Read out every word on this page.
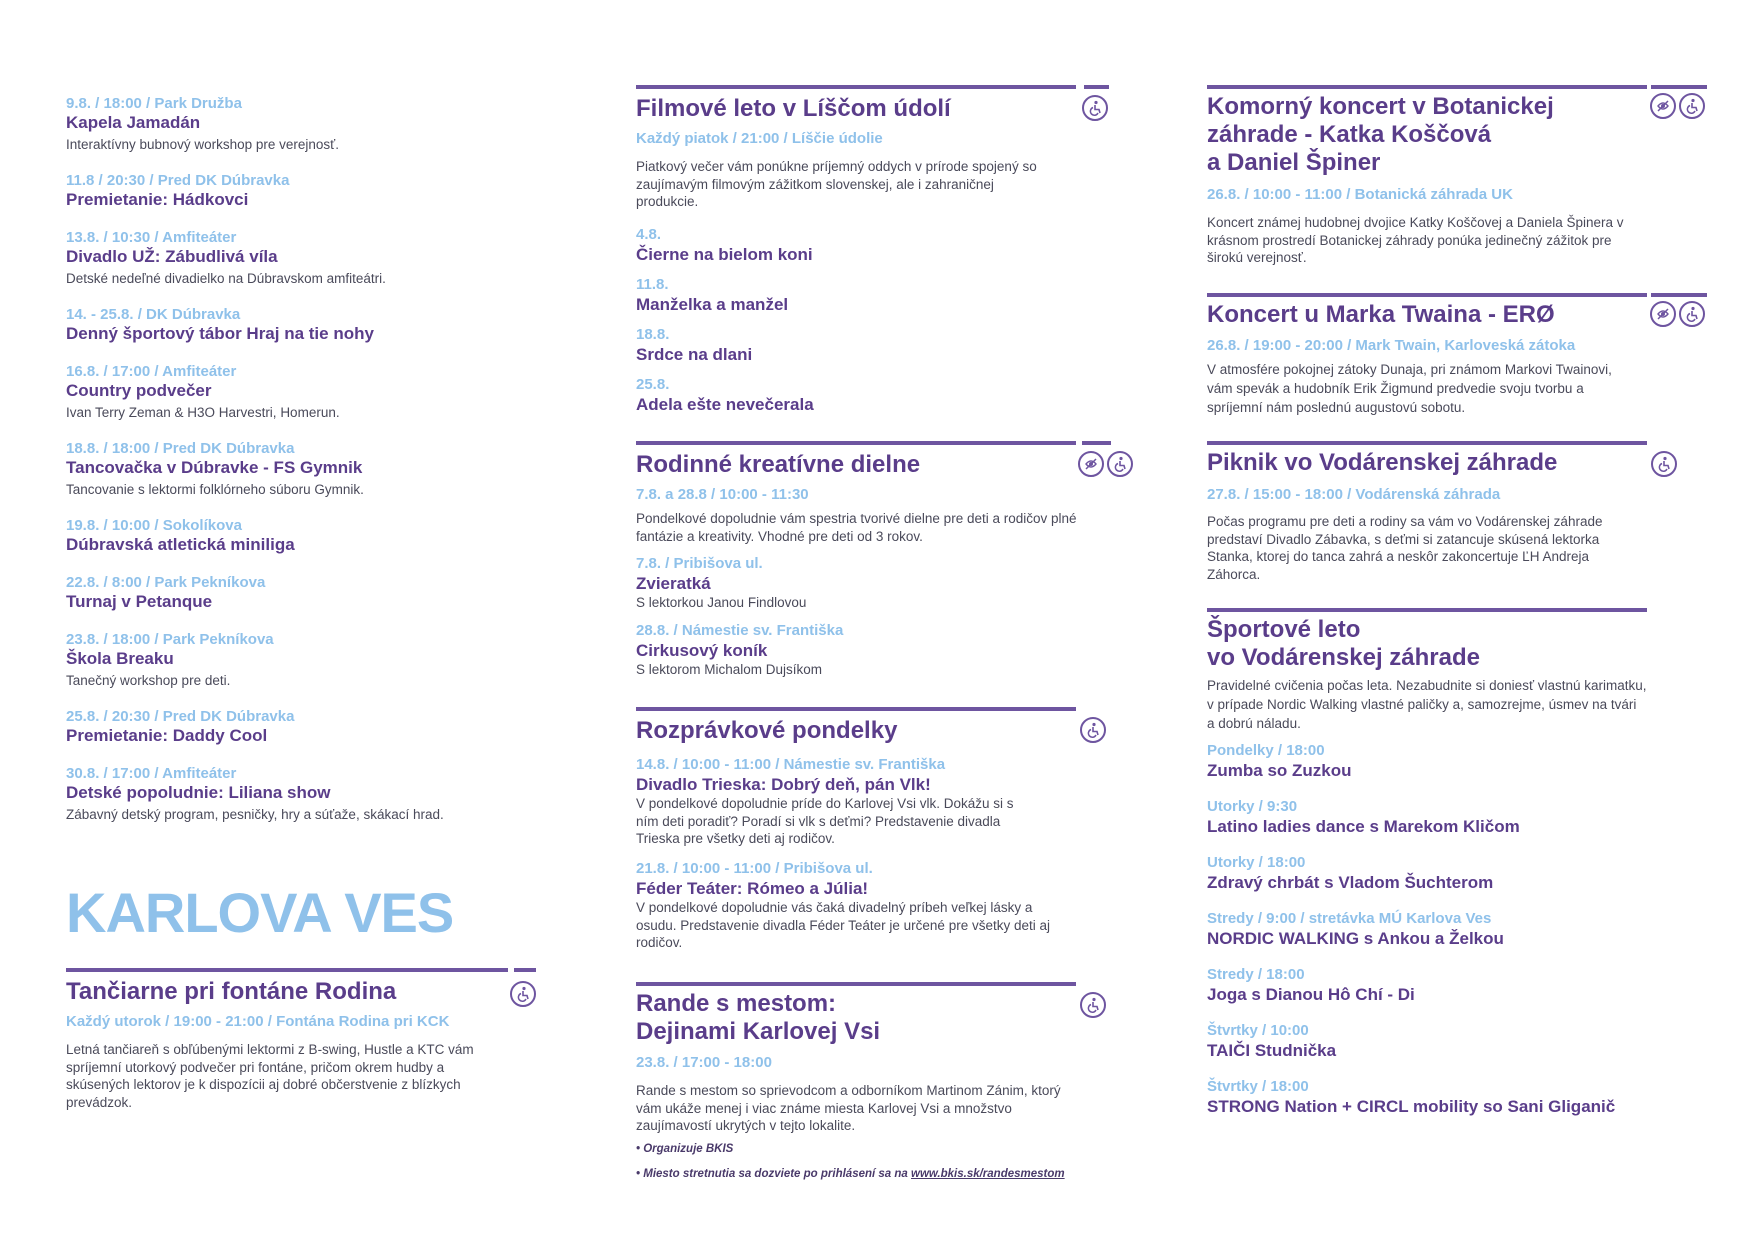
9.8. / 18:00 / Park Družba
Kapela Jamadán
Interaktívny bubnový workshop pre verejnosť.
11.8 / 20:30 / Pred DK Dúbravka
Premietanie: Hádkovci
13.8. / 10:30 / Amfiteáter
Divadlo UŽ: Zábudlivá víla
Detské nedeľné divadielko na Dúbravskom amfiteátri.
14. - 25.8. / DK Dúbravka
Denný športový tábor Hraj na tie nohy
16.8. / 17:00 / Amfiteáter
Country podvečer
Ivan Terry Zeman & H3O Harvestri, Homerun.
18.8. / 18:00 / Pred DK Dúbravka
Tancovačka v Dúbravke - FS Gymnik
Tancovanie s lektormi folklórneho súboru Gymnik.
19.8. / 10:00 / Sokolíkova
Dúbravská atletická miniliga
22.8. / 8:00 / Park Pekníkova
Turnaj v Petanque
23.8. / 18:00 / Park Pekníkova
Škola Breaku
Tanečný workshop pre deti.
25.8. / 20:30 / Pred DK Dúbravka
Premietanie: Daddy Cool
30.8. / 17:00 / Amfiteáter
Detské popoludnie: Liliana show
Zábavný detský program, pesničky, hry a súťaže, skákací hrad.
KARLOVA VES
Tančiarne pri fontáne Rodina
Každý utorok / 19:00 - 21:00 / Fontána Rodina pri KCK
Letná tančiareň s obľúbenými lektormi z B-swing, Hustle a KTC vám spríjemní utorkový podvečer pri fontáne, pričom okrem hudby a skúsených lektorov je k dispozícii aj dobré občerstvenie z blízkych prevádzok.
Filmové leto v Líščom údolí
Každý piatok / 21:00 / Líščie údolie
Piatkový večer vám ponúkne príjemný oddych v prírode spojený so zaujímavým filmovým zážitkom slovenskej, ale i zahraničnej produkcie.
4.8.
Čierne na bielom koni
11.8.
Manželka a manžel
18.8.
Srdce na dlani
25.8.
Adela ešte nevečerala
Rodinné kreatívne dielne
7.8. a 28.8 / 10:00 - 11:30
Pondelkové dopoludnie vám spestria tvorivé dielne pre deti a rodičov plné fantázie a kreativity. Vhodné pre deti od 3 rokov.
7.8. / Pribišova ul.
Zvieratká
S lektorkou Janou Findlovou
28.8. / Námestie sv. Františka
Cirkusový koník
S lektorom Michalom Dujsíkom
Rozprávkové pondelky
14.8. / 10:00 - 11:00 / Námestie sv. Františka
Divadlo Trieska: Dobrý deň, pán Vlk!
V pondelkové dopoludnie príde do Karlovej Vsi vlk. Dokážu si s ním deti poradiť? Poradí si vlk s deťmi? Predstavenie divadla Trieska pre všetky deti aj rodičov.
21.8. / 10:00 - 11:00 / Pribišova ul.
Féder Teáter: Rómeo a Júlia!
V pondelkové dopoludnie vás čaká divadelný príbeh veľkej lásky a osudu. Predstavenie divadla Féder Teáter je určené pre všetky deti aj rodičov.
Rande s mestom:
Dejinami Karlovej Vsi
23.8. / 17:00 - 18:00
Rande s mestom so sprievodcom a odborníkom Martinom Zánim, ktorý vám ukáže menej i viac známe miesta Karlovej Vsi a množstvo zaujímavostí ukrytých v tejto lokalite.
• Organizuje BKIS
• Miesto stretnutia sa dozviete po prihlásení sa na www.bkis.sk/randesmestom
Komorný koncert v Botanickej
záhrade - Katka Koščová
a Daniel Špiner
26.8. / 10:00 - 11:00 / Botanická záhrada UK
Koncert známej hudobnej dvojice Katky Koščovej a Daniela Špinera v krásnom prostredí Botanickej záhrady ponúka jedinečný zážitok pre širokú verejnosť.
Koncert u Marka Twaina - ERØ
26.8. / 19:00 - 20:00 / Mark Twain, Karloveská zátoka
V atmosfére pokojnej zátoky Dunaja, pri známom Markovi Twainovi, vám spevák a hudobník Erik Žigmund predvedie svoju tvorbu a spríjemní nám poslednú augustovú sobotu.
Piknik vo Vodárenskej záhrade
27.8. / 15:00 - 18:00 / Vodárenská záhrada
Počas programu pre deti a rodiny sa vám vo Vodárenskej záhrade predstaví Divadlo Zábavka, s deťmi si zatancuje skúsená lektorka Stanka, ktorej do tanca zahrá a neskôr zakoncertuje ĽH Andreja Záhorca.
Športové leto
vo Vodárenskej záhrade
Pravidelné cvičenia počas leta. Nezabudnite si doniesť vlastnú karimatku, v prípade Nordic Walking vlastné paličky a, samozrejme, úsmev na tvári a dobrú náladu.
Pondelky / 18:00
Zumba so Zuzkou
Utorky / 9:30
Latino ladies dance s Marekom Kličom
Utorky / 18:00
Zdravý chrbát s Vladom Šuchterom
Stredy / 9:00 / stretávka MÚ Karlova Ves
NORDIC WALKING s Ankou a Želkou
Stredy / 18:00
Joga s Dianou Hô Chí - Di
Štvrtky / 10:00
TAIČI Studnička
Štvrtky / 18:00
STRONG Nation + CIRCL mobility so Sani Gliganič
